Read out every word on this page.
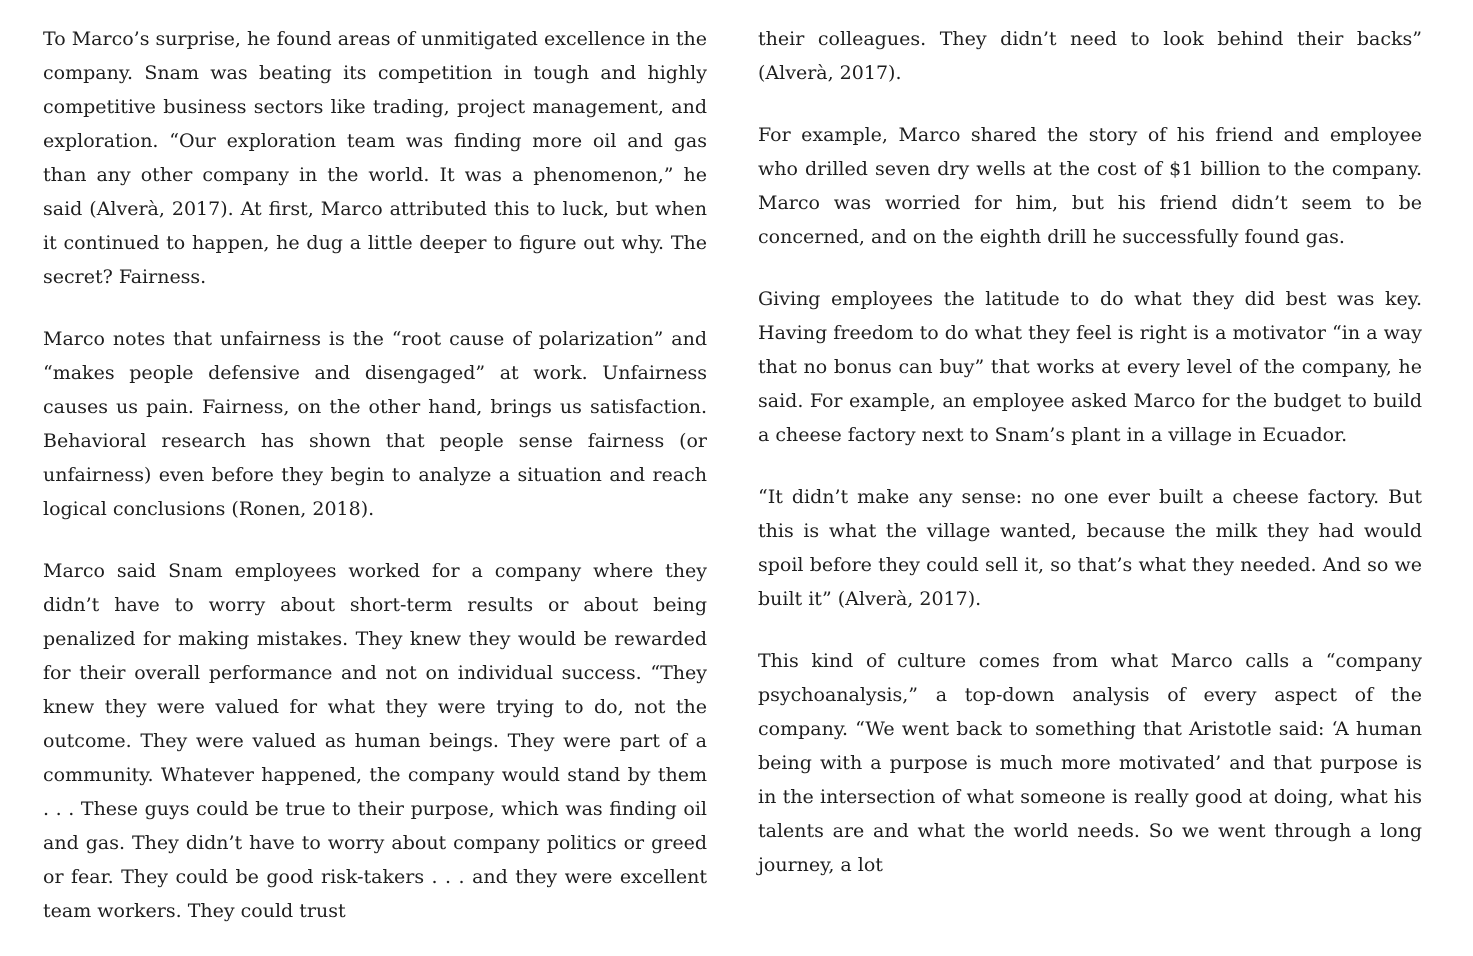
To Marco’s surprise, he found areas of unmitigated excellence in the company. Snam was beating its competition in tough and highly competitive business sectors like trading, project management, and exploration. “Our exploration team was finding more oil and gas than any other company in the world. It was a phenomenon,” he said (Alverà, 2017). At first, Marco attributed this to luck, but when it continued to happen, he dug a little deeper to figure out why. The secret? Fairness.

Marco notes that unfairness is the “root cause of polarization” and “makes people defensive and disengaged” at work. Unfairness causes us pain. Fairness, on the other hand, brings us satisfaction. Behavioral research has shown that people sense fairness (or unfairness) even before they begin to analyze a situation and reach logical conclusions (Ronen, 2018).

Marco said Snam employees worked for a company where they didn’t have to worry about short-term results or about being penalized for making mistakes. They knew they would be rewarded for their overall performance and not on individual success. “They knew they were valued for what they were trying to do, not the outcome. They were valued as human beings. They were part of a community. Whatever happened, the company would stand by them . . . These guys could be true to their purpose, which was finding oil and gas. They didn’t have to worry about company politics or greed or fear. They could be good risk-takers . . . and they were excellent team workers. They could trust

their colleagues. They didn’t need to look behind their backs” (Alverà, 2017).

For example, Marco shared the story of his friend and employee who drilled seven dry wells at the cost of $1 billion to the company. Marco was worried for him, but his friend didn’t seem to be concerned, and on the eighth drill he successfully found gas.

Giving employees the latitude to do what they did best was key. Having freedom to do what they feel is right is a motivator “in a way that no bonus can buy” that works at every level of the company, he said. For example, an employee asked Marco for the budget to build a cheese factory next to Snam’s plant in a village in Ecuador.

“It didn’t make any sense: no one ever built a cheese factory. But this is what the village wanted, because the milk they had would spoil before they could sell it, so that’s what they needed. And so we built it” (Alverà, 2017).

This kind of culture comes from what Marco calls a “company psychoanalysis,” a top-down analysis of every aspect of the company. “We went back to something that Aristotle said: ‘A human being with a purpose is much more motivated’ and that purpose is in the intersection of what someone is really good at doing, what his talents are and what the world needs. So we went through a long journey, a lot
